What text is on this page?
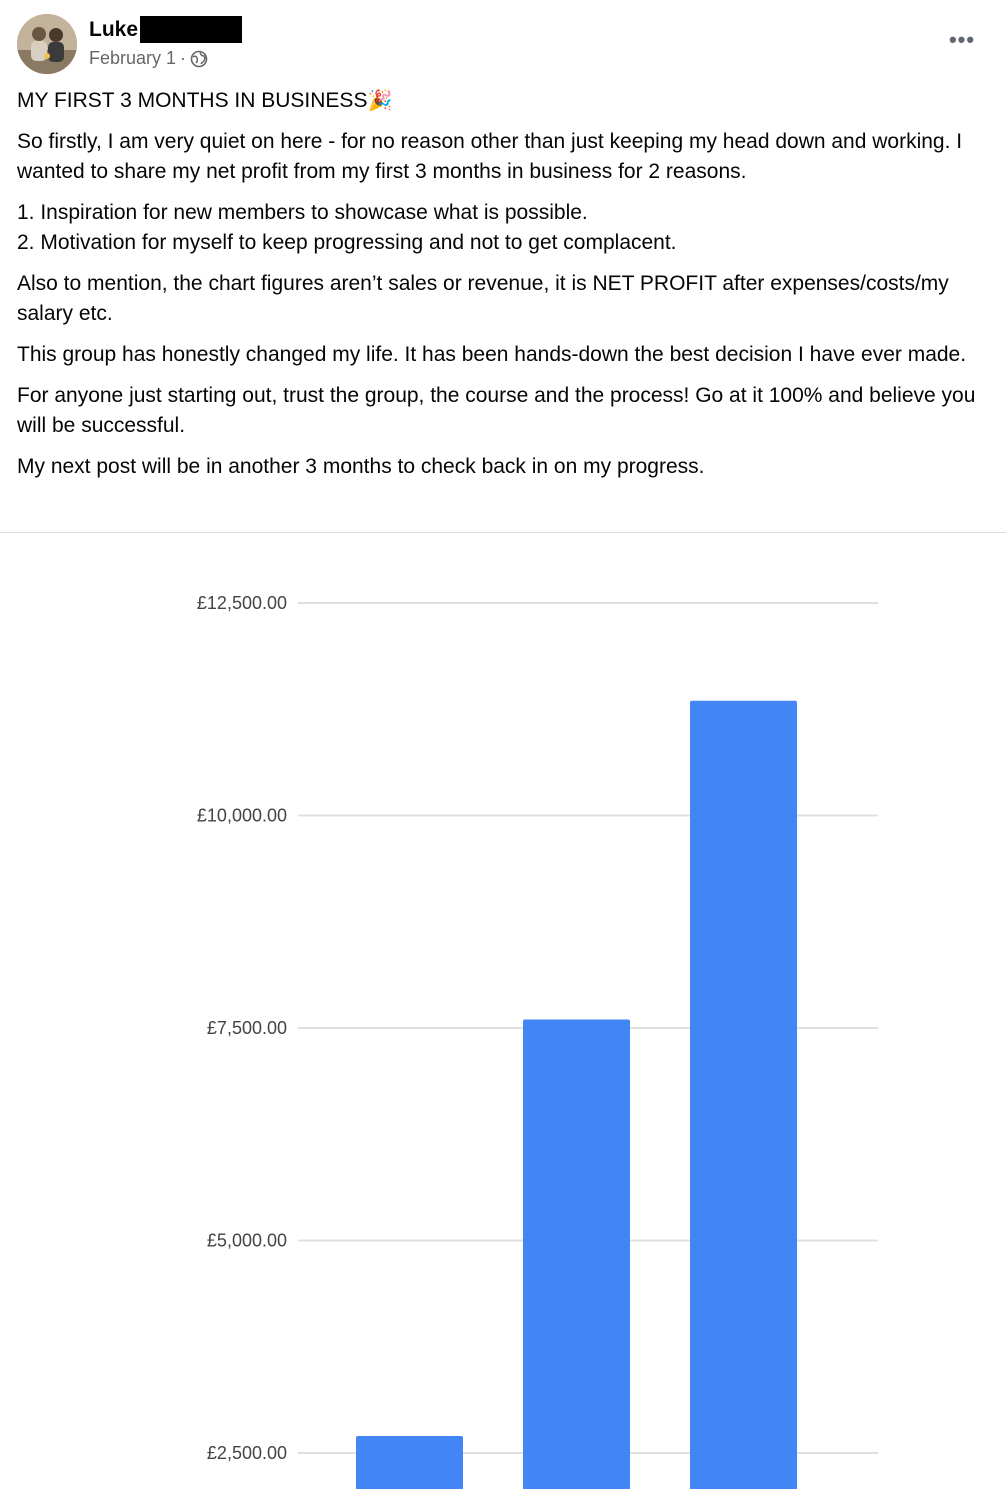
Luke
February 1 ·
•••

MY FIRST 3 MONTHS IN BUSINESS🎉

So firstly, I am very quiet on here - for no reason other than just keeping my head down and working. I wanted to share my net profit from my first 3 months in business for 2 reasons.

1. Inspiration for new members to showcase what is possible.

2. Motivation for myself to keep progressing and not to get complacent.

Also to mention, the chart figures aren’t sales or revenue, it is NET PROFIT after expenses/costs/my salary etc.

This group has honestly changed my life. It has been hands-down the best decision I have ever made.

For anyone just starting out, trust the group, the course and the process! Go at it 100% and believe you will be successful.

My next post will be in another 3 months to check back in on my progress.

£2,500.00
£5,000.00
£7,500.00
£10,000.00
£12,500.00
